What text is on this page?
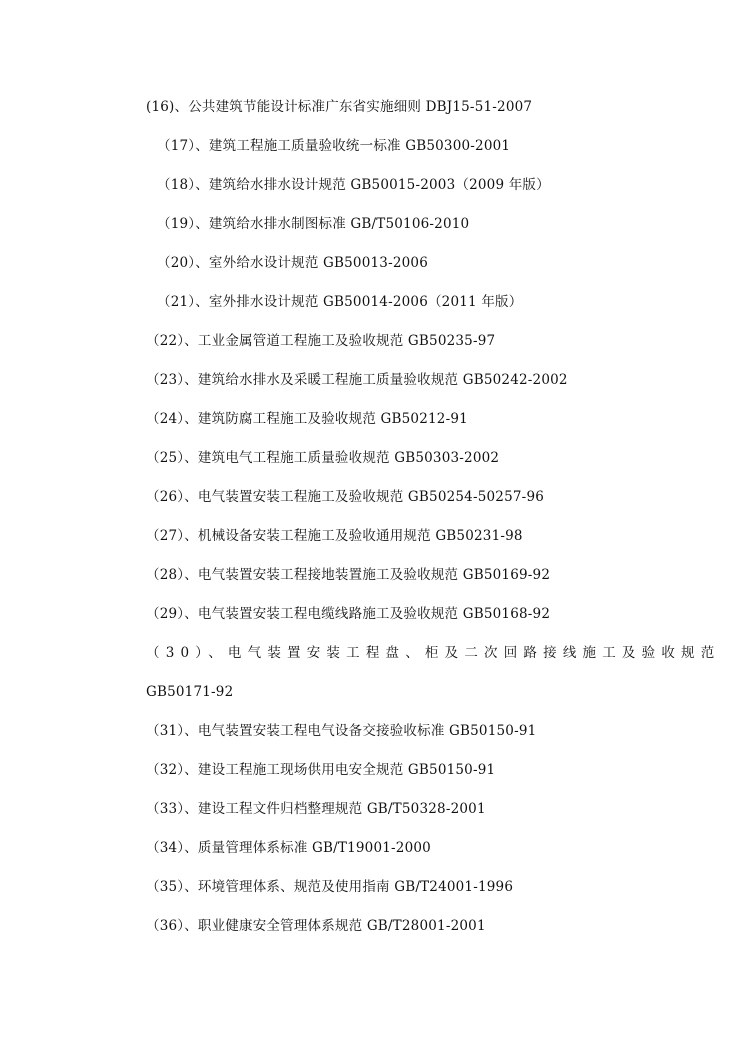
(16)、公共建筑节能设计标准广东省实施细则 DBJ15-51-2007
（17）、建筑工程施工质量验收统一标准 GB50300-2001
（18）、建筑给水排水设计规范 GB50015-2003（2009 年版）
（19）、建筑给水排水制图标准 GB/T50106-2010
（20）、室外给水设计规范 GB50013-2006
（21）、室外排水设计规范 GB50014-2006（2011 年版）
（22）、工业金属管道工程施工及验收规范 GB50235-97
（23）、建筑给水排水及采暖工程施工质量验收规范 GB50242-2002
（24）、建筑防腐工程施工及验收规范 GB50212-91
（25）、建筑电气工程施工质量验收规范 GB50303-2002
（26）、电气装置安装工程施工及验收规范 GB50254-50257-96
（27）、机械设备安装工程施工及验收通用规范 GB50231-98
（28）、电气装置安装工程接地装置施工及验收规范 GB50169-92
（29）、电气装置安装工程电缆线路施工及验收规范 GB50168-92
（30）、电气装置安装工程盘、柜及二次回路接线施工及验收规范
GB50171-92
（31）、电气装置安装工程电气设备交接验收标准 GB50150-91
（32）、建设工程施工现场供用电安全规范 GB50150-91
（33）、建设工程文件归档整理规范 GB/T50328-2001
（34）、质量管理体系标准 GB/T19001-2000
（35）、环境管理体系、规范及使用指南 GB/T24001-1996
（36）、职业健康安全管理体系规范 GB/T28001-2001
